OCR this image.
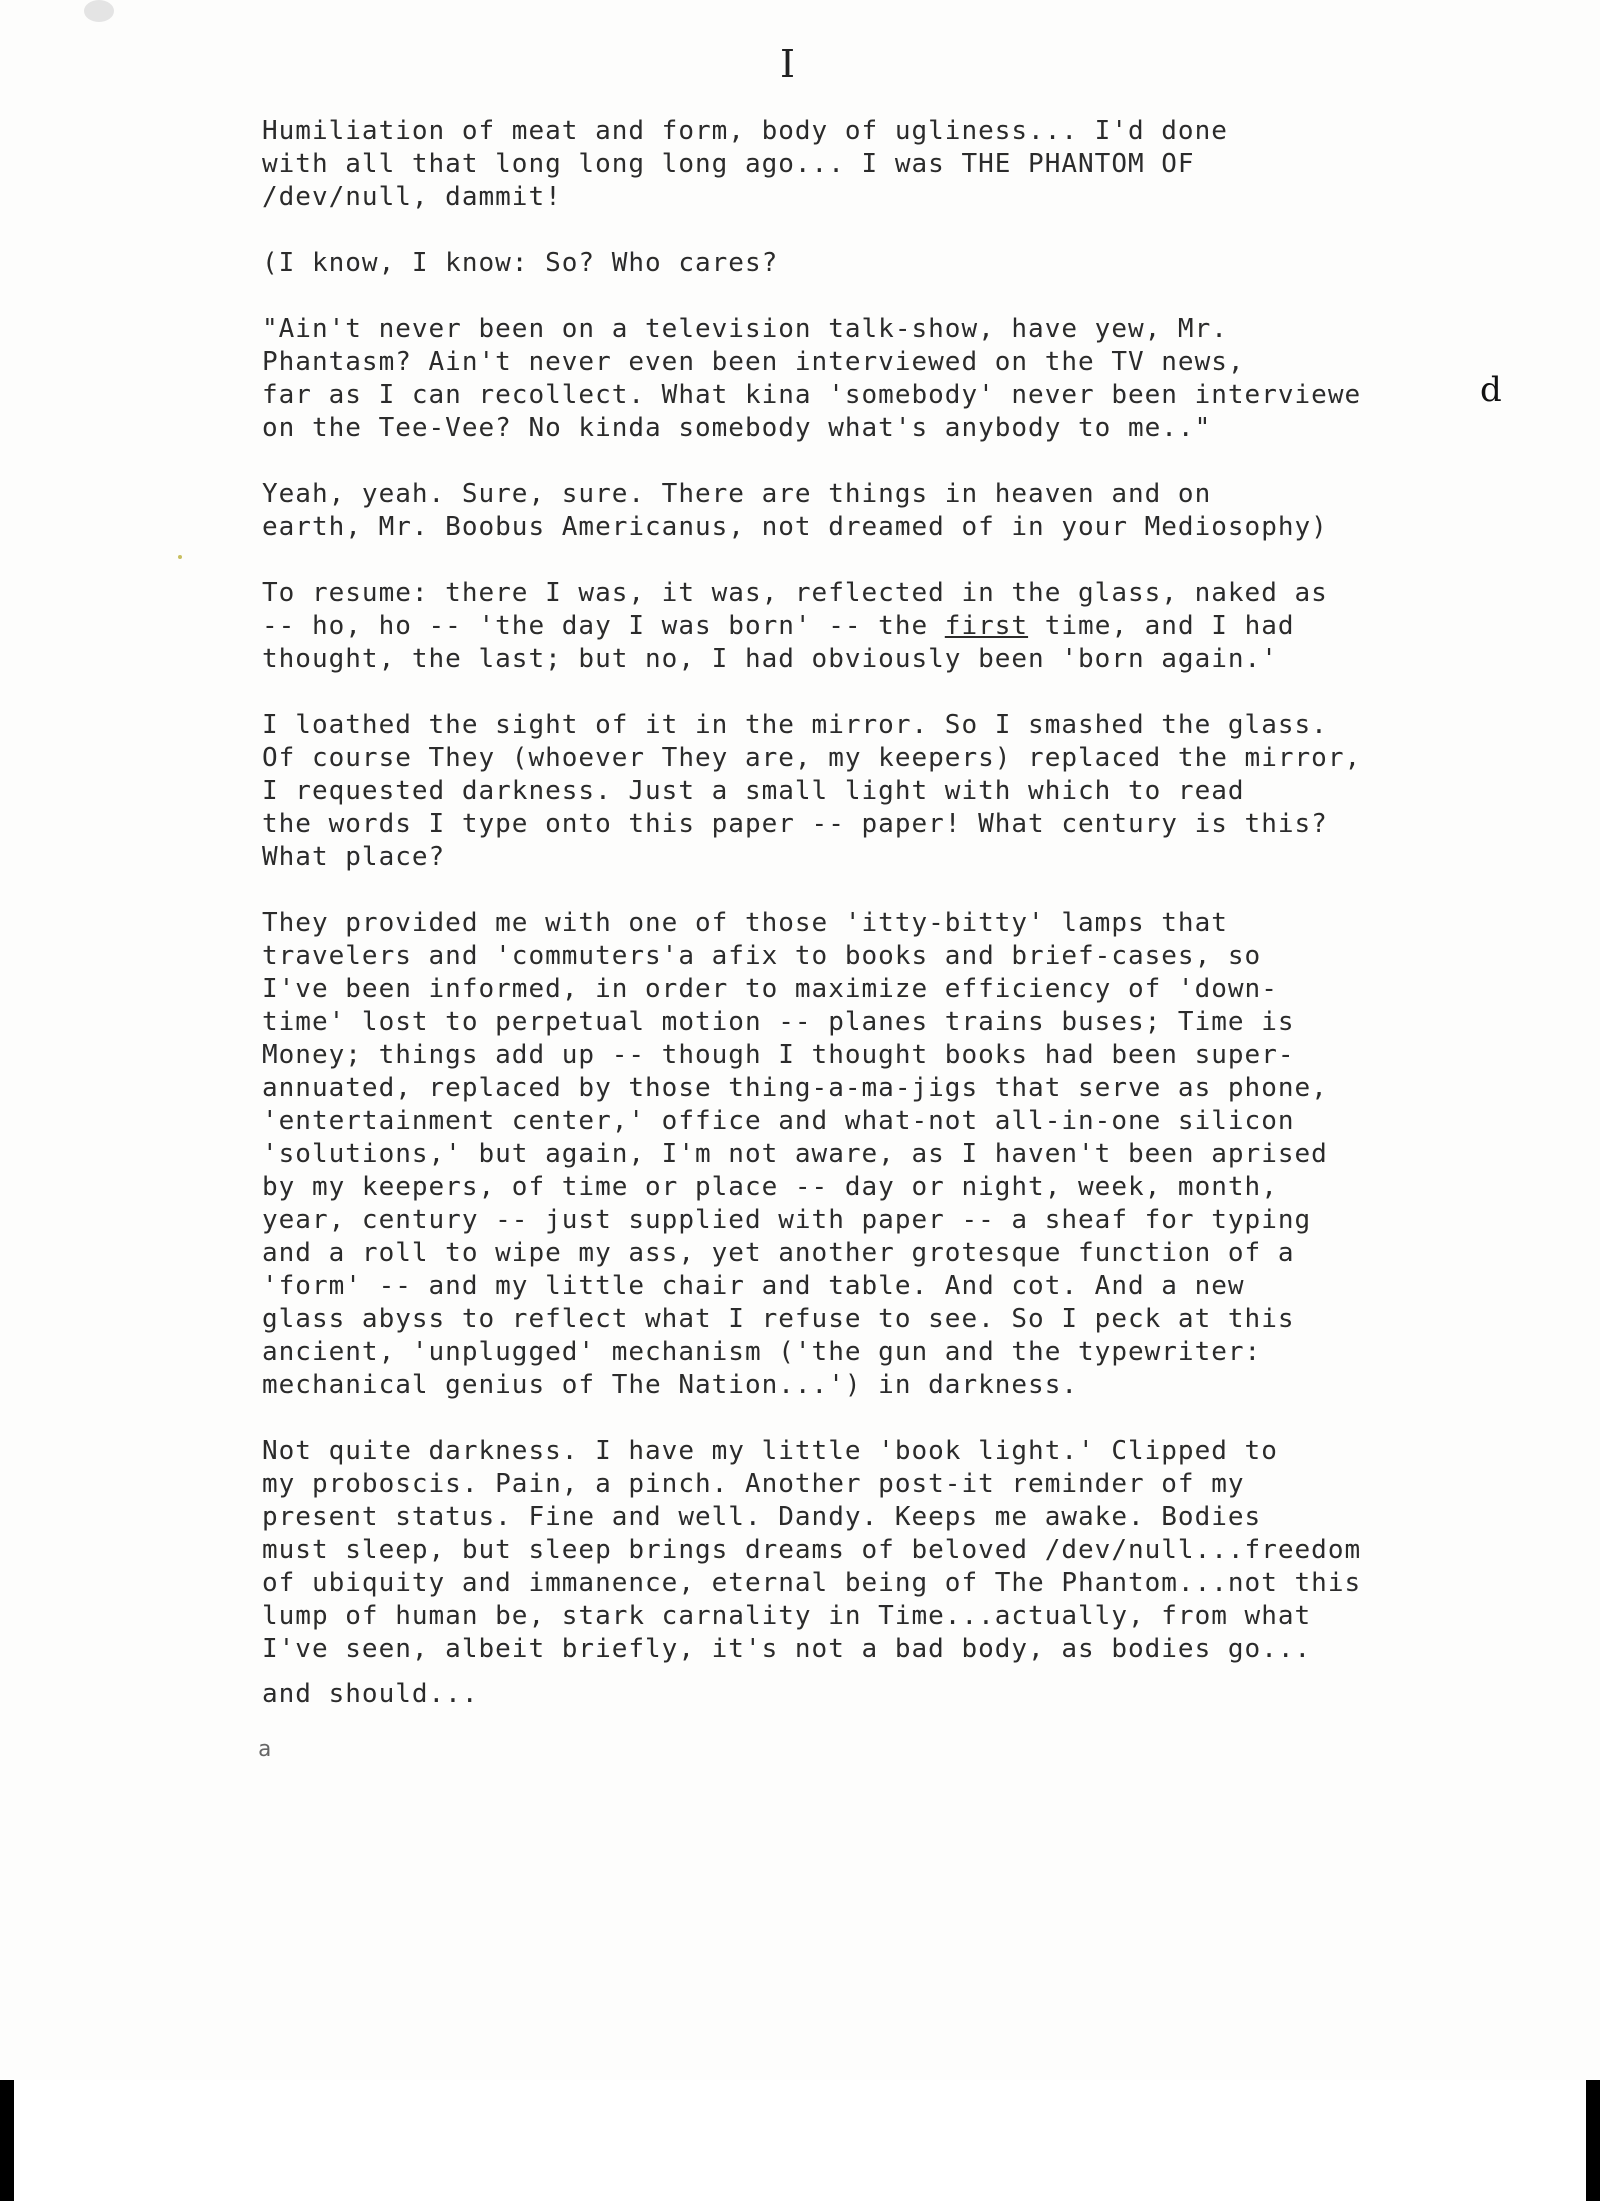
I
d
Humiliation of meat and form, body of ugliness... I'd done
with all that long long long ago... I was THE PHANTOM OF
/dev/null, dammit!
(I know, I know: So? Who cares?
"Ain't never been on a television talk-show, have yew, Mr.
Phantasm? Ain't never even been interviewed on the TV news,
far as I can recollect. What kina 'somebody' never been interviewe
on the Tee-Vee? No kinda somebody what's anybody to me.."
Yeah, yeah. Sure, sure. There are things in heaven and on
earth, Mr. Boobus Americanus, not dreamed of in your Mediosophy)
To resume: there I was, it was, reflected in the glass, naked as
-- ho, ho -- 'the day I was born' -- the first time, and I had
thought, the last; but no, I had obviously been 'born again.'
I loathed the sight of it in the mirror. So I smashed the glass.
Of course They (whoever They are, my keepers) replaced the mirror,
I requested darkness. Just a small light with which to read
the words I type onto this paper -- paper! What century is this?
What place?
They provided me with one of those 'itty-bitty' lamps that
travelers and 'commuters'a afix to books and brief-cases, so
I've been informed, in order to maximize efficiency of 'down-
time' lost to perpetual motion -- planes trains buses; Time is
Money; things add up -- though I thought books had been super-
annuated, replaced by those thing-a-ma-jigs that serve as phone,
'entertainment center,' office and what-not all-in-one silicon
'solutions,' but again, I'm not aware, as I haven't been aprised
by my keepers, of time or place -- day or night, week, month,
year, century -- just supplied with paper -- a sheaf for typing
and a roll to wipe my ass, yet another grotesque function of a
'form' -- and my little chair and table. And cot. And a new
glass abyss to reflect what I refuse to see. So I peck at this
ancient, 'unplugged' mechanism ('the gun and the typewriter:
mechanical genius of The Nation...') in darkness.
Not quite darkness. I have my little 'book light.' Clipped to
my proboscis. Pain, a pinch. Another post-it reminder of my
present status. Fine and well. Dandy. Keeps me awake. Bodies
must sleep, but sleep brings dreams of beloved /dev/null...freedom
of ubiquity and immanence, eternal being of The Phantom...not this
lump of human be, stark carnality in Time...actually, from what
I've seen, albeit briefly, it's not a bad body, as bodies go...
and should...
a
